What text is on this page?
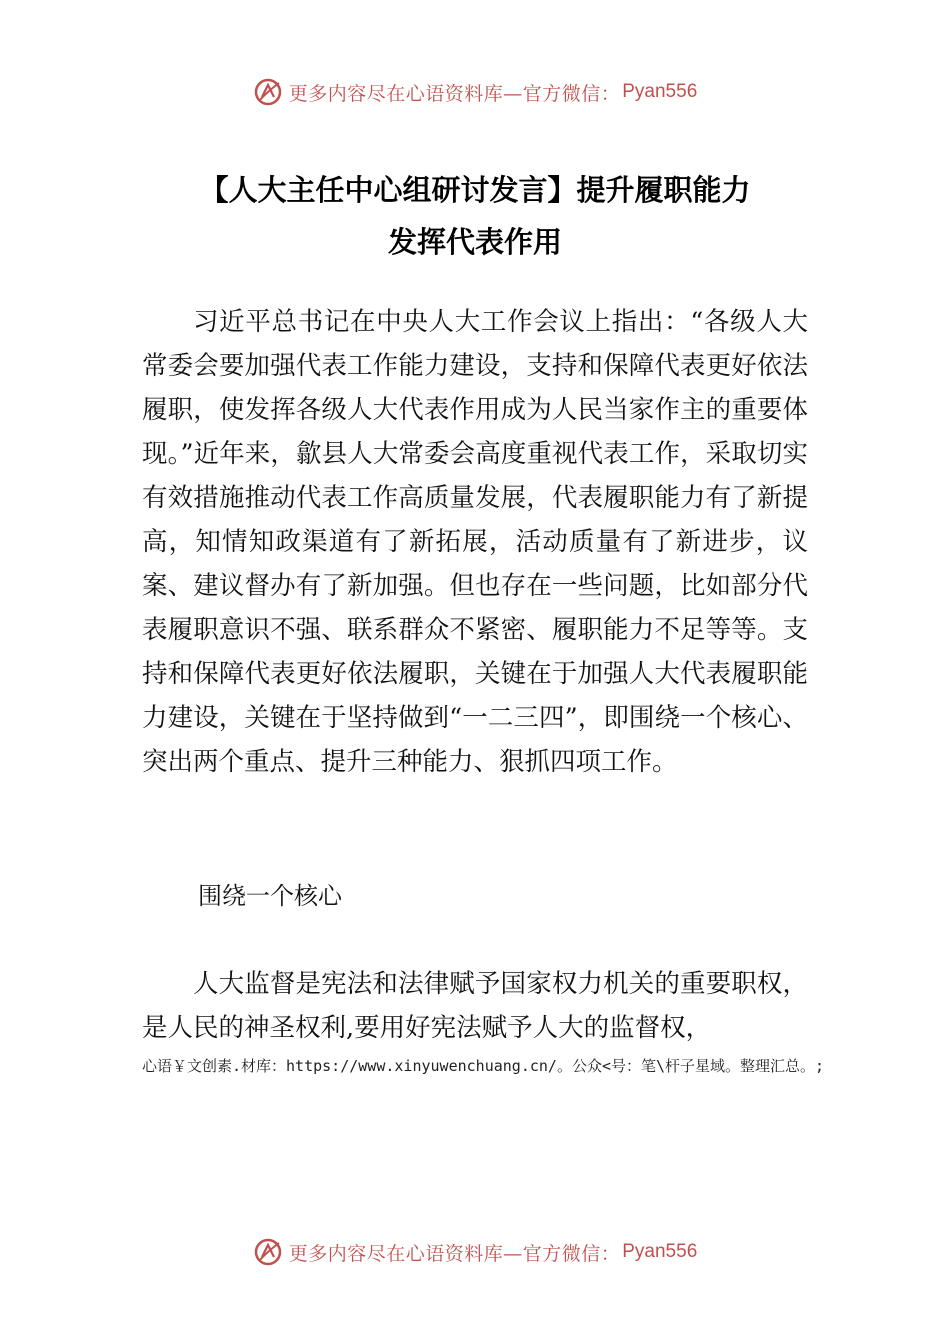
更多内容尽在心语资料库—官方微信： Pyan556
【人大主任中心组研讨发言】提升履职能力
发挥代表作用

习近平总书记在中央人大工作会议上指出：“各级人大常委会要加强代表工作能力建设，支持和保障代表更好依法履职，使发挥各级人大代表作用成为人民当家作主的重要体现。”近年来，歙县人大常委会高度重视代表工作，采取切实有效措施推动代表工作高质量发展，代表履职能力有了新提高，知情知政渠道有了新拓展，活动质量有了新进步，议案、建议督办有了新加强。但也存在一些问题，比如部分代表履职意识不强、联系群众不紧密、履职能力不足等等。支持和保障代表更好依法履职，关键在于加强人大代表履职能力建设，关键在于坚持做到“一二三四”，即围绕一个核心、突出两个重点、提升三种能力、狠抓四项工作。

围绕一个核心

人大监督是宪法和法律赋予国家权力机关的重要职权，是人民的神圣权利,要用好宪法赋予人大的监督权，

心语￥文创素.材库：https://www.xinyuwenchuang.cn/。公众<号：笔\杆子星域。整理汇总。;

更多内容尽在心语资料库—官方微信： Pyan556
